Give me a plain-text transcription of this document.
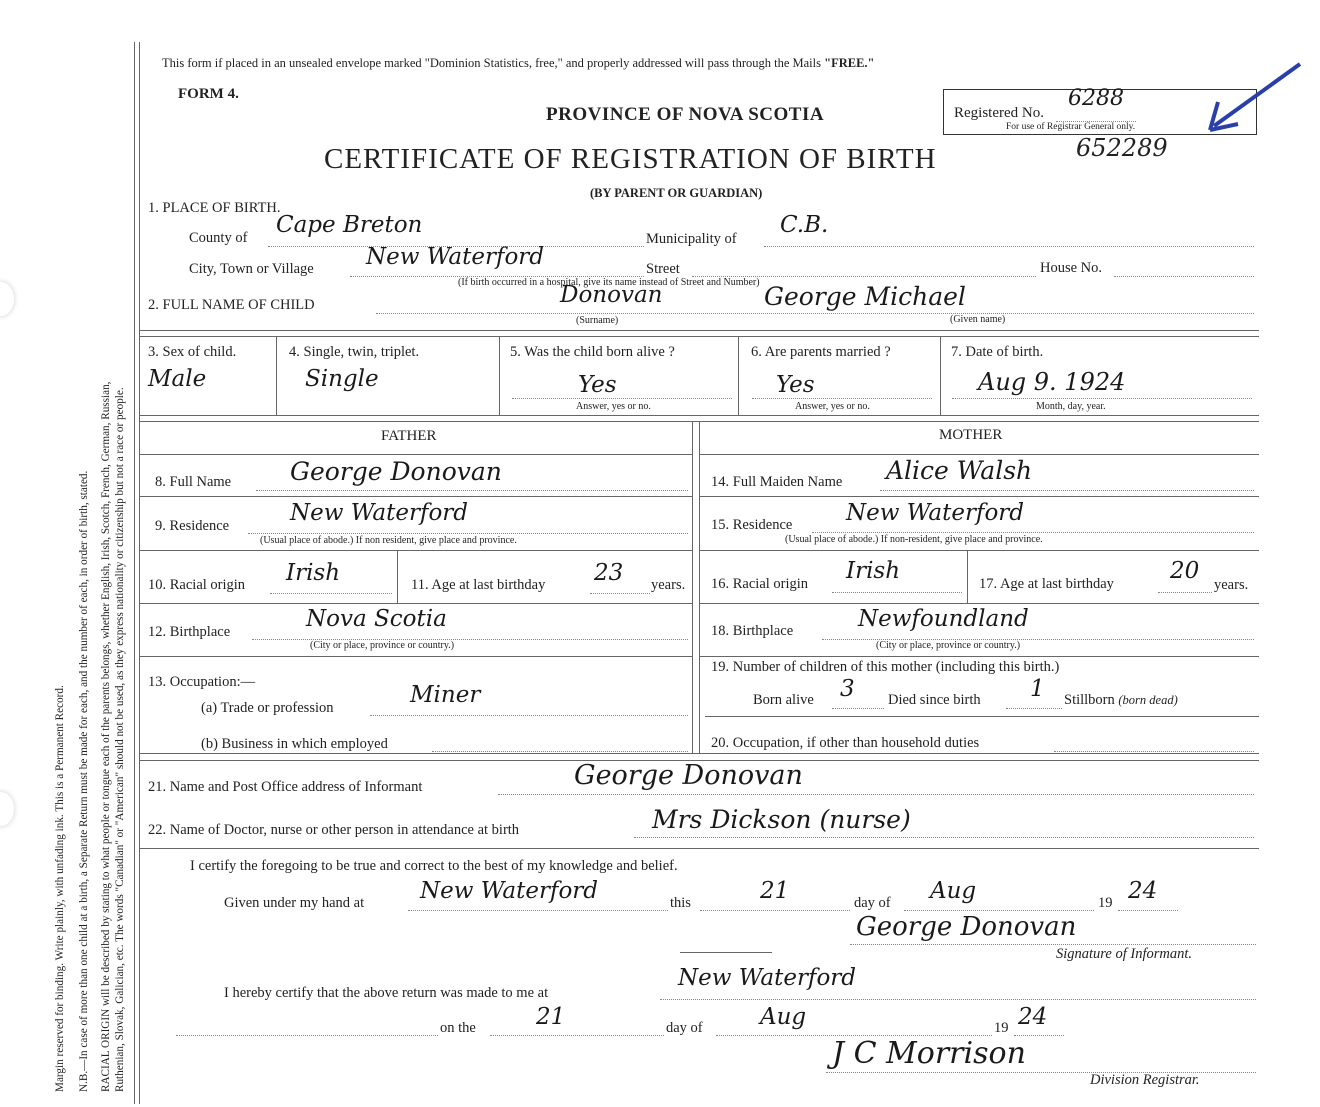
Margin reserved for binding. Write plainly, with unfading ink. This is a Permanent Record. N.B.—In case of more than one child at a birth, a Separate Return must be made for each, and the number of each, in order of birth, stated. RACIAL ORIGIN will be described by stating to what people or tongue each of the parents belongs, whether English, Irish, Scotch, French, German, Russian, Ruthenian, Slovak, Galician, etc. The words "Canadian" or "American" should not be used, as they express nationality or citizenship but not a race or people.
This form if placed in an unsealed envelope marked "Dominion Statistics, free," and properly addressed will pass through the Mails "FREE."
FORM 4.
PROVINCE OF NOVA SCOTIA
CERTIFICATE OF REGISTRATION OF BIRTH
(BY PARENT OR GUARDIAN)
652289
Registered No.
6288
For use of Registrar General only.
1. PLACE OF BIRTH.
County of Cape Breton
Municipality of
C.B.
City, Town or Village New Waterford	Street	House No.
(If birth occurred in a hospital, give its name instead of Street and Number)
2. FULL NAME OF CHILD	Donovan	George Michael
(Surname)	(Given name)
3. Sex of child.
Male
4. Single, twin, triplet.
Single
5. Was the child born alive ?
Yes
Answer, yes or no.
6. Are parents married ?
Yes
Answer, yes or no.
7. Date of birth.
Aug 9. 1924
Month, day, year.
FATHER	MOTHER
8. Full Name George Donovan
9. Residence	New Waterford
(Usual place of abode.) If non resident, give place and province.
10. Racial origin Irish	11. Age at last birthday 23 years.
12. Birthplace	Nova Scotia
(City or place, province or country.)
13. Occupation:—
(a) Trade or profession	Miner
(b) Business in which employed
14. Full Maiden Name Alice Walsh
15. Residence New Waterford
(Usual place of abode.) If non-resident, give place and province.
16. Racial origin Irish	17. Age at last birthday 20
years.
18. Birthplace	Newfoundland
(City or place, province or country.)
19. Number of children of this mother (including this birth.)
Born alive 3 Died since birth 1 Stillborn (born dead)
20. Occupation, if other than household duties
21. Name and Post Office address of Informant	George Donovan
22. Name of Doctor, nurse or other person in attendance at birth	Mrs Dickson (nurse)
I certify the foregoing to be true and correct to the best of my knowledge and belief.
Given under my hand at New Waterford	this	21	day of Aug	19 24
George Donovan
Signature of Informant.
I hereby certify that the above return was made to me at
New Waterford
on the	21	day of Aug	19 24
J C Morrison
Division Registrar.
